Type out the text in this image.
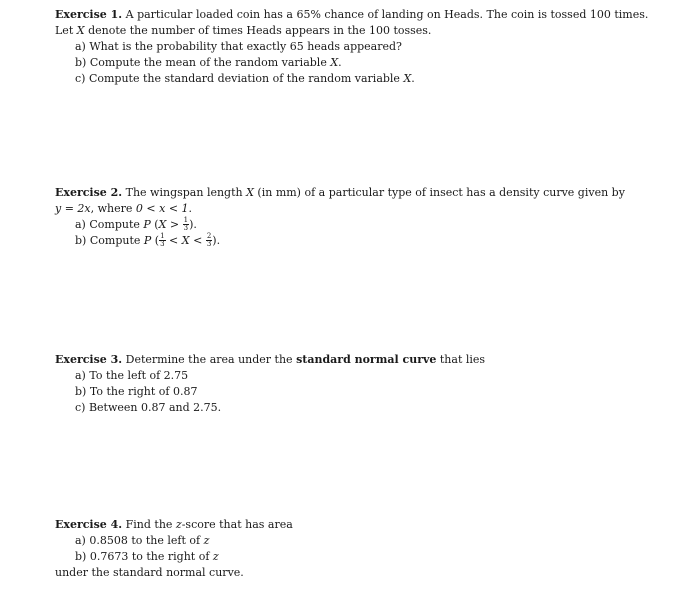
Exercise 1. A particular loaded coin has a 65% chance of landing on Heads. The coin is tossed 100 times.
Let X denote the number of times Heads appears in the 100 tosses.
a) What is the probability that exactly 65 heads appeared?
b) Compute the mean of the random variable X.
c) Compute the standard deviation of the random variable X.
Exercise 2. The wingspan length X (in mm) of a particular type of insect has a density curve given by
y = 2x, where 0 < x < 1.
a) Compute P ($X > \frac{1}{3}$ ).
b) Compute P ( $\frac{1}{3} < X < \frac{2}{3}$ ).
Exercise 3. Determine the area under the standard normal curve that lies
a) To the left of 2.75
b) To the right of 0.87
c) Between 0.87 and 2.75.
Exercise 4. Find the z-score that has area
a) 0.8508 to the left of z
b) 0.7673 to the right of z
under the standard normal curve.
